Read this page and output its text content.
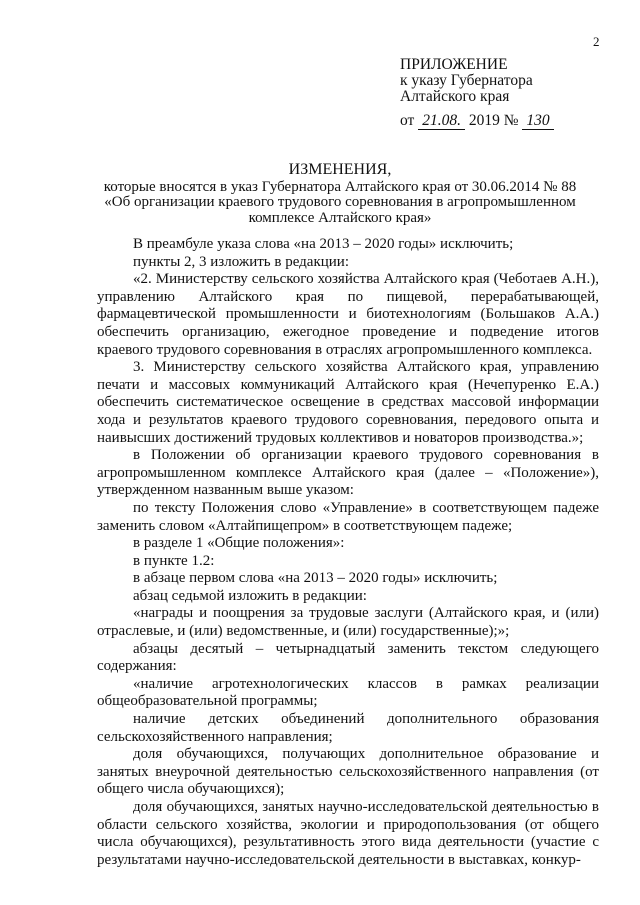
2
ПРИЛОЖЕНИЕ
к указу Губернатора
Алтайского края
от 21.08. 2019 № 130
ИЗМЕНЕНИЯ,
которые вносятся в указ Губернатора Алтайского края от 30.06.2014 № 88
«Об организации краевого трудового соревнования в агропромышленном
комплексе Алтайского края»

В преамбуле указа слова «на 2013 – 2020 годы» исключить;

пункты 2, 3 изложить в редакции:

«2. Министерству сельского хозяйства Алтайского края (Чеботаев А.Н.), управлению Алтайского края по пищевой, перерабатывающей, фармацевтической промышленности и биотехнологиям (Большаков А.А.) обеспечить организацию, ежегодное проведение и подведение итогов краевого трудового соревнования в отраслях агропромышленного комплекса.

3. Министерству сельского хозяйства Алтайского края, управлению печати и массовых коммуникаций Алтайского края (Нечепуренко Е.А.) обеспечить систематическое освещение в средствах массовой информации хода и результатов краевого трудового соревнования, передового опыта и наивысших достижений трудовых коллективов и новаторов производства.»;

в Положении об организации краевого трудового соревнования в агропромышленном комплексе Алтайского края (далее – «Положение»), утвержденном названным выше указом:

по тексту Положения слово «Управление» в соответствующем падеже заменить словом «Алтайпищепром» в соответствующем падеже;

в разделе 1 «Общие положения»:

в пункте 1.2:

в абзаце первом слова «на 2013 – 2020 годы» исключить;

абзац седьмой изложить в редакции:

«награды и поощрения за трудовые заслуги (Алтайского края, и (или) отраслевые, и (или) ведомственные, и (или) государственные);»;

абзацы десятый – четырнадцатый заменить текстом следующего содержания:

«наличие агротехнологических классов в рамках реализации общеобразовательной программы;

наличие детских объединений дополнительного образования сельскохозяйственного направления;

доля обучающихся, получающих дополнительное образование и занятых внеурочной деятельностью сельскохозяйственного направления (от общего числа обучающихся);

доля обучающихся, занятых научно-исследовательской деятельностью в области сельского хозяйства, экологии и природопользования (от общего числа обучающихся), результативность этого вида деятельности (участие с результатами научно-исследовательской деятельности в выставках, конкур-
